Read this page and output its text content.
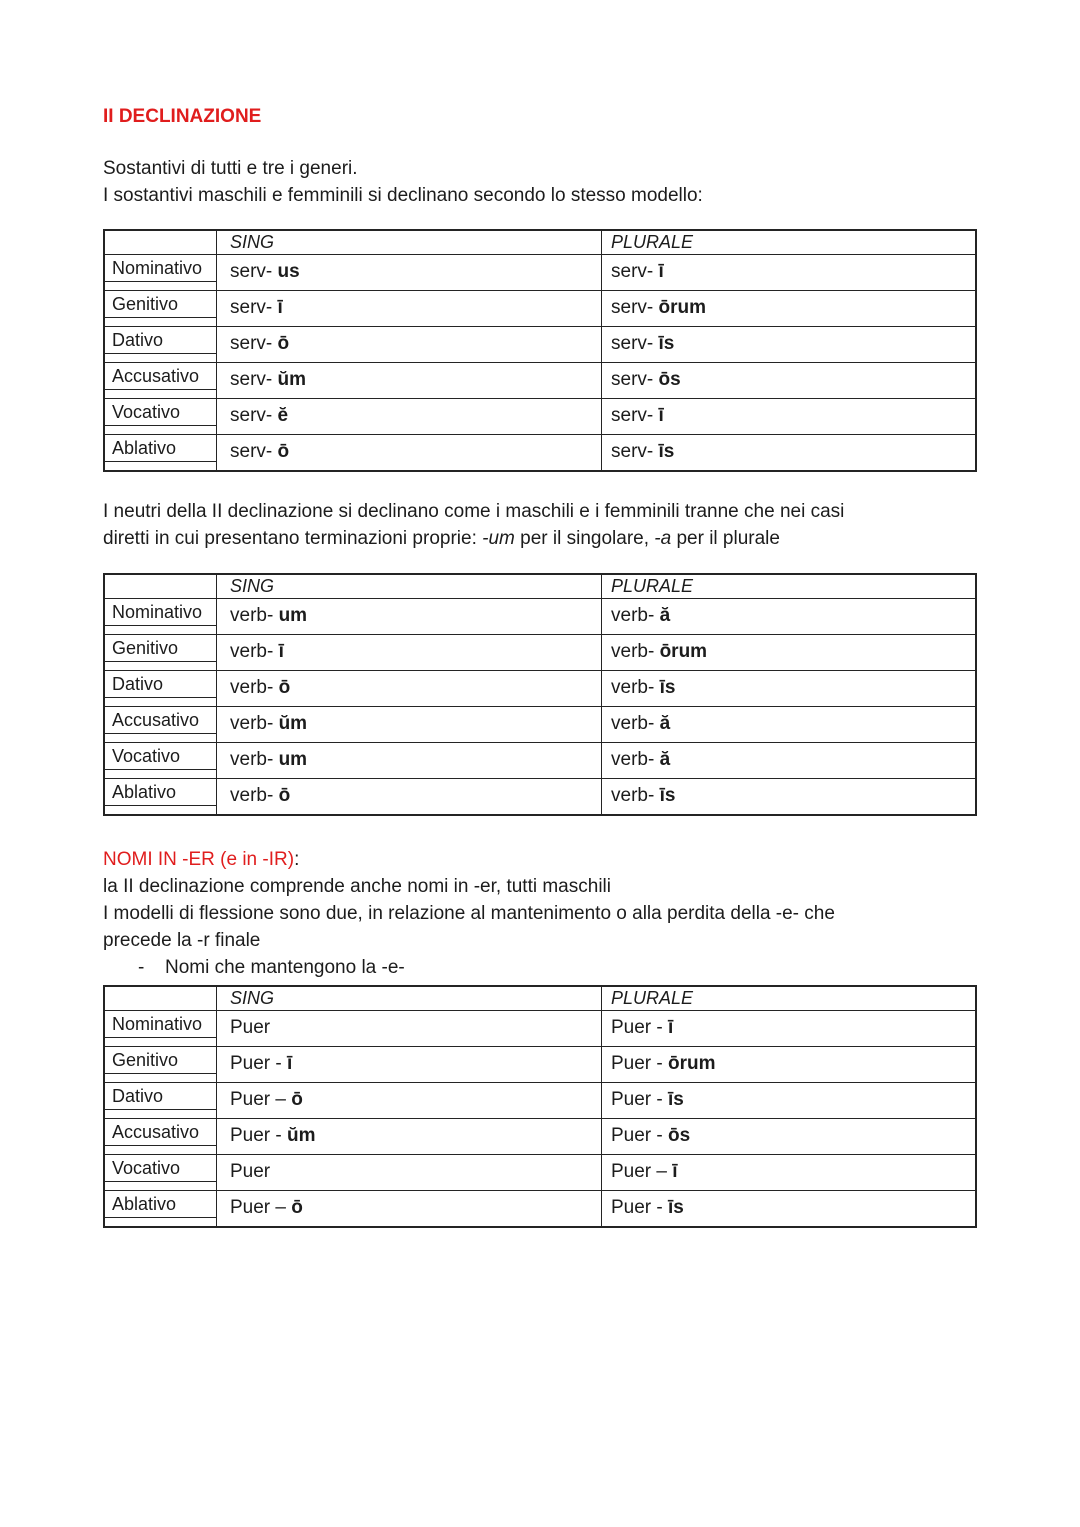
II DECLINAZIONE
Sostantivi di tutti e tre i generi.
I sostantivi maschili e femminili si declinano secondo lo stesso modello:
SING	PLURALE
Nominativo	serv- us	serv- ī
Genitivo	serv- ī	serv- ōrum
Dativo	serv- ō	serv- īs
Accusativo	serv- ŭm	serv- ōs
Vocativo	serv- ĕ	serv- ī
Ablativo	serv- ō	serv- īs
I neutri della II declinazione si declinano come i maschili e i femminili tranne che nei casi
diretti in cui presentano terminazioni proprie: -um per il singolare, -a per il plurale
SING	PLURALE
Nominativo	verb- um	verb- ă
Genitivo	verb- ī	verb- ōrum
Dativo	verb- ō	verb- īs
Accusativo	verb- ŭm	verb- ă
Vocativo	verb- um	verb- ă
Ablativo	verb- ō	verb- īs
NOMI IN -ER (e in -IR):
la II declinazione comprende anche nomi in -er, tutti maschili
I modelli di flessione sono due, in relazione al mantenimento o alla perdita della -e- che
precede la -r finale
- Nomi che mantengono la -e-
SING	PLURALE
Nominativo	Puer	Puer - ī
Genitivo	Puer - ī	Puer - ōrum
Dativo	Puer – ō	Puer - īs
Accusativo	Puer - ŭm	Puer - ōs
Vocativo	Puer	Puer – ī
Ablativo	Puer – ō	Puer - īs
